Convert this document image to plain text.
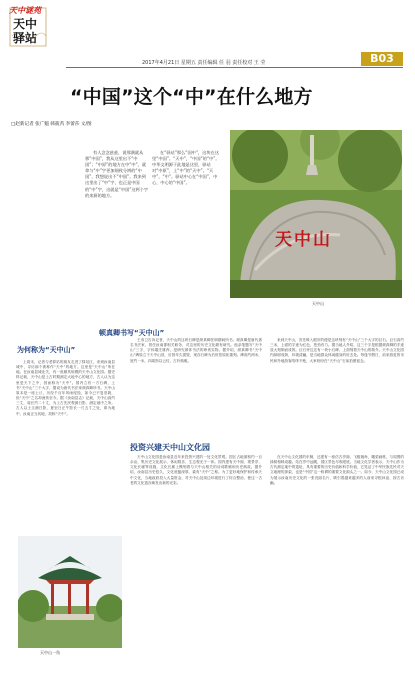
天中谜苑
天中
驿站
2017年4月21日 星期五 责任编辑 任 羽 责任校对 王 莹	B03
“中国”这个“中”在什么地方
□赵新记者 张广魁 韩筱芮 李蕾莎 文/图

有人念念兹兹，说那满就从那“中国”，我从这里出不“中国”；“中原”的地方在中“中”，就拿与“中”字更加细致分辨的“中国”，我想说出不“中国”。我来到这里出了“中”字，也正是中国的“中”字，这就是“中国”这两个字的来源的地方。

在“驿站”那么“国中”，这块在这里“中国”。“天中”，“中国”的“中”。中华文明源于此地是这里，驿站对“中原”，上“中”的“天中”。“天中”，“中”。驿站中心在“中国”，中心，中心的“中国”。

天中山
天中山
顿真卿书写“天中山”
为何称为“天中山”
投资兴建天中山文化园

上周末，记者与老驿站的朋友走进了驿站区，来到汝南县城中，寻访那个被称作“天中”的地方。这里是“天中山”所在地。在汝南县城北关，有一座颇具规模的天中山文化园。据史料记载，天中山是上古时期测定大地中心的地方，古人认为这里是天下之中，因而称为“天中”。园内立有一方石碑，上书“天中山”三个大字，据说为唐代书法家颜真卿所书。天中山原本是一座土丘，历经千百年风雨侵蚀，如今已不复旧貌，但“天中”之名却流传至今。据《汝南县志》记载，天中山高约三丈，周长约二十丈，为上古先民观测日影、测定地中之所。古人以土圭测日影，夏至日正午影长一尺五寸之处，即为地中，汝南正当其地，故称“天中”。

王寿卫告诉记者，天中山的这块石碑是颜真卿任职期间所书。颜真卿是唐代著名书法家，曾任汝南郡相关职务，对这里的历史文化颇有研究。他亲笔题写“天中山”三字，字体端庄雄浑，是研究颜体书法的珍贵实物。据介绍，颜真卿书“天中山”碑原立于天中山顶，后因年久损毁，现存石碑为后世依原拓重刻。碑高约两米，宽约一米，四周饰以云纹，古朴典雅。

来到天中山，首先映入眼帘的便是这块刻有“天中山”三个大字的巨石。巨石高约三米，上面的字迹为红色，苍劲有力。据当地人介绍，这三个字是根据颜真卿的手迹放大刻制而成的。巨石旁边还有一块小石碑，上面刻着天中山的简介。天中山文化园内绿树成荫，环境清幽，是当地群众休闲健身的好去处。每逢节假日，前来游览的市民和外地游客络绎不绝，大家纷纷在“天中山”石前拍照留念。

天中山文化园是汝南县近年来投资兴建的一处文化景观。园区占地面积约一百余亩，集历史文化展示、休闲娱乐、生态观光于一体。园内建有天中阁、观景亭、文化长廊等设施，文化长廊上镌刻着与天中山相关的诗词歌赋和历史典故。据介绍，汝南县历史悠久，文化底蕴深厚，素有“天中”之称。为了更好地保护和传承天中文化，当地政府投入大量资金，对天中山及周边环境进行了综合整治，使这一古老的文化遗存焕发出新的光彩。

在天中山文化园的东侧，还建有一座仿古亭阁，飞檐翘角，雕梁画栋，与周围的绿树相映成趣。站在亭中远眺，园区景色尽收眼底。当地文化学者表示，天中山作为古代测定地中的遗址，具有重要的历史价值和科学价值，它见证了中华民族先民对天文地理的探索，也是“中国”这一称谓的重要文化源头之一。如今，天中山文化园已成为展示汝南历史文化的一张亮丽名片，吸引着越来越多的人前来寻根问祖、探古访幽。

天中山一角
